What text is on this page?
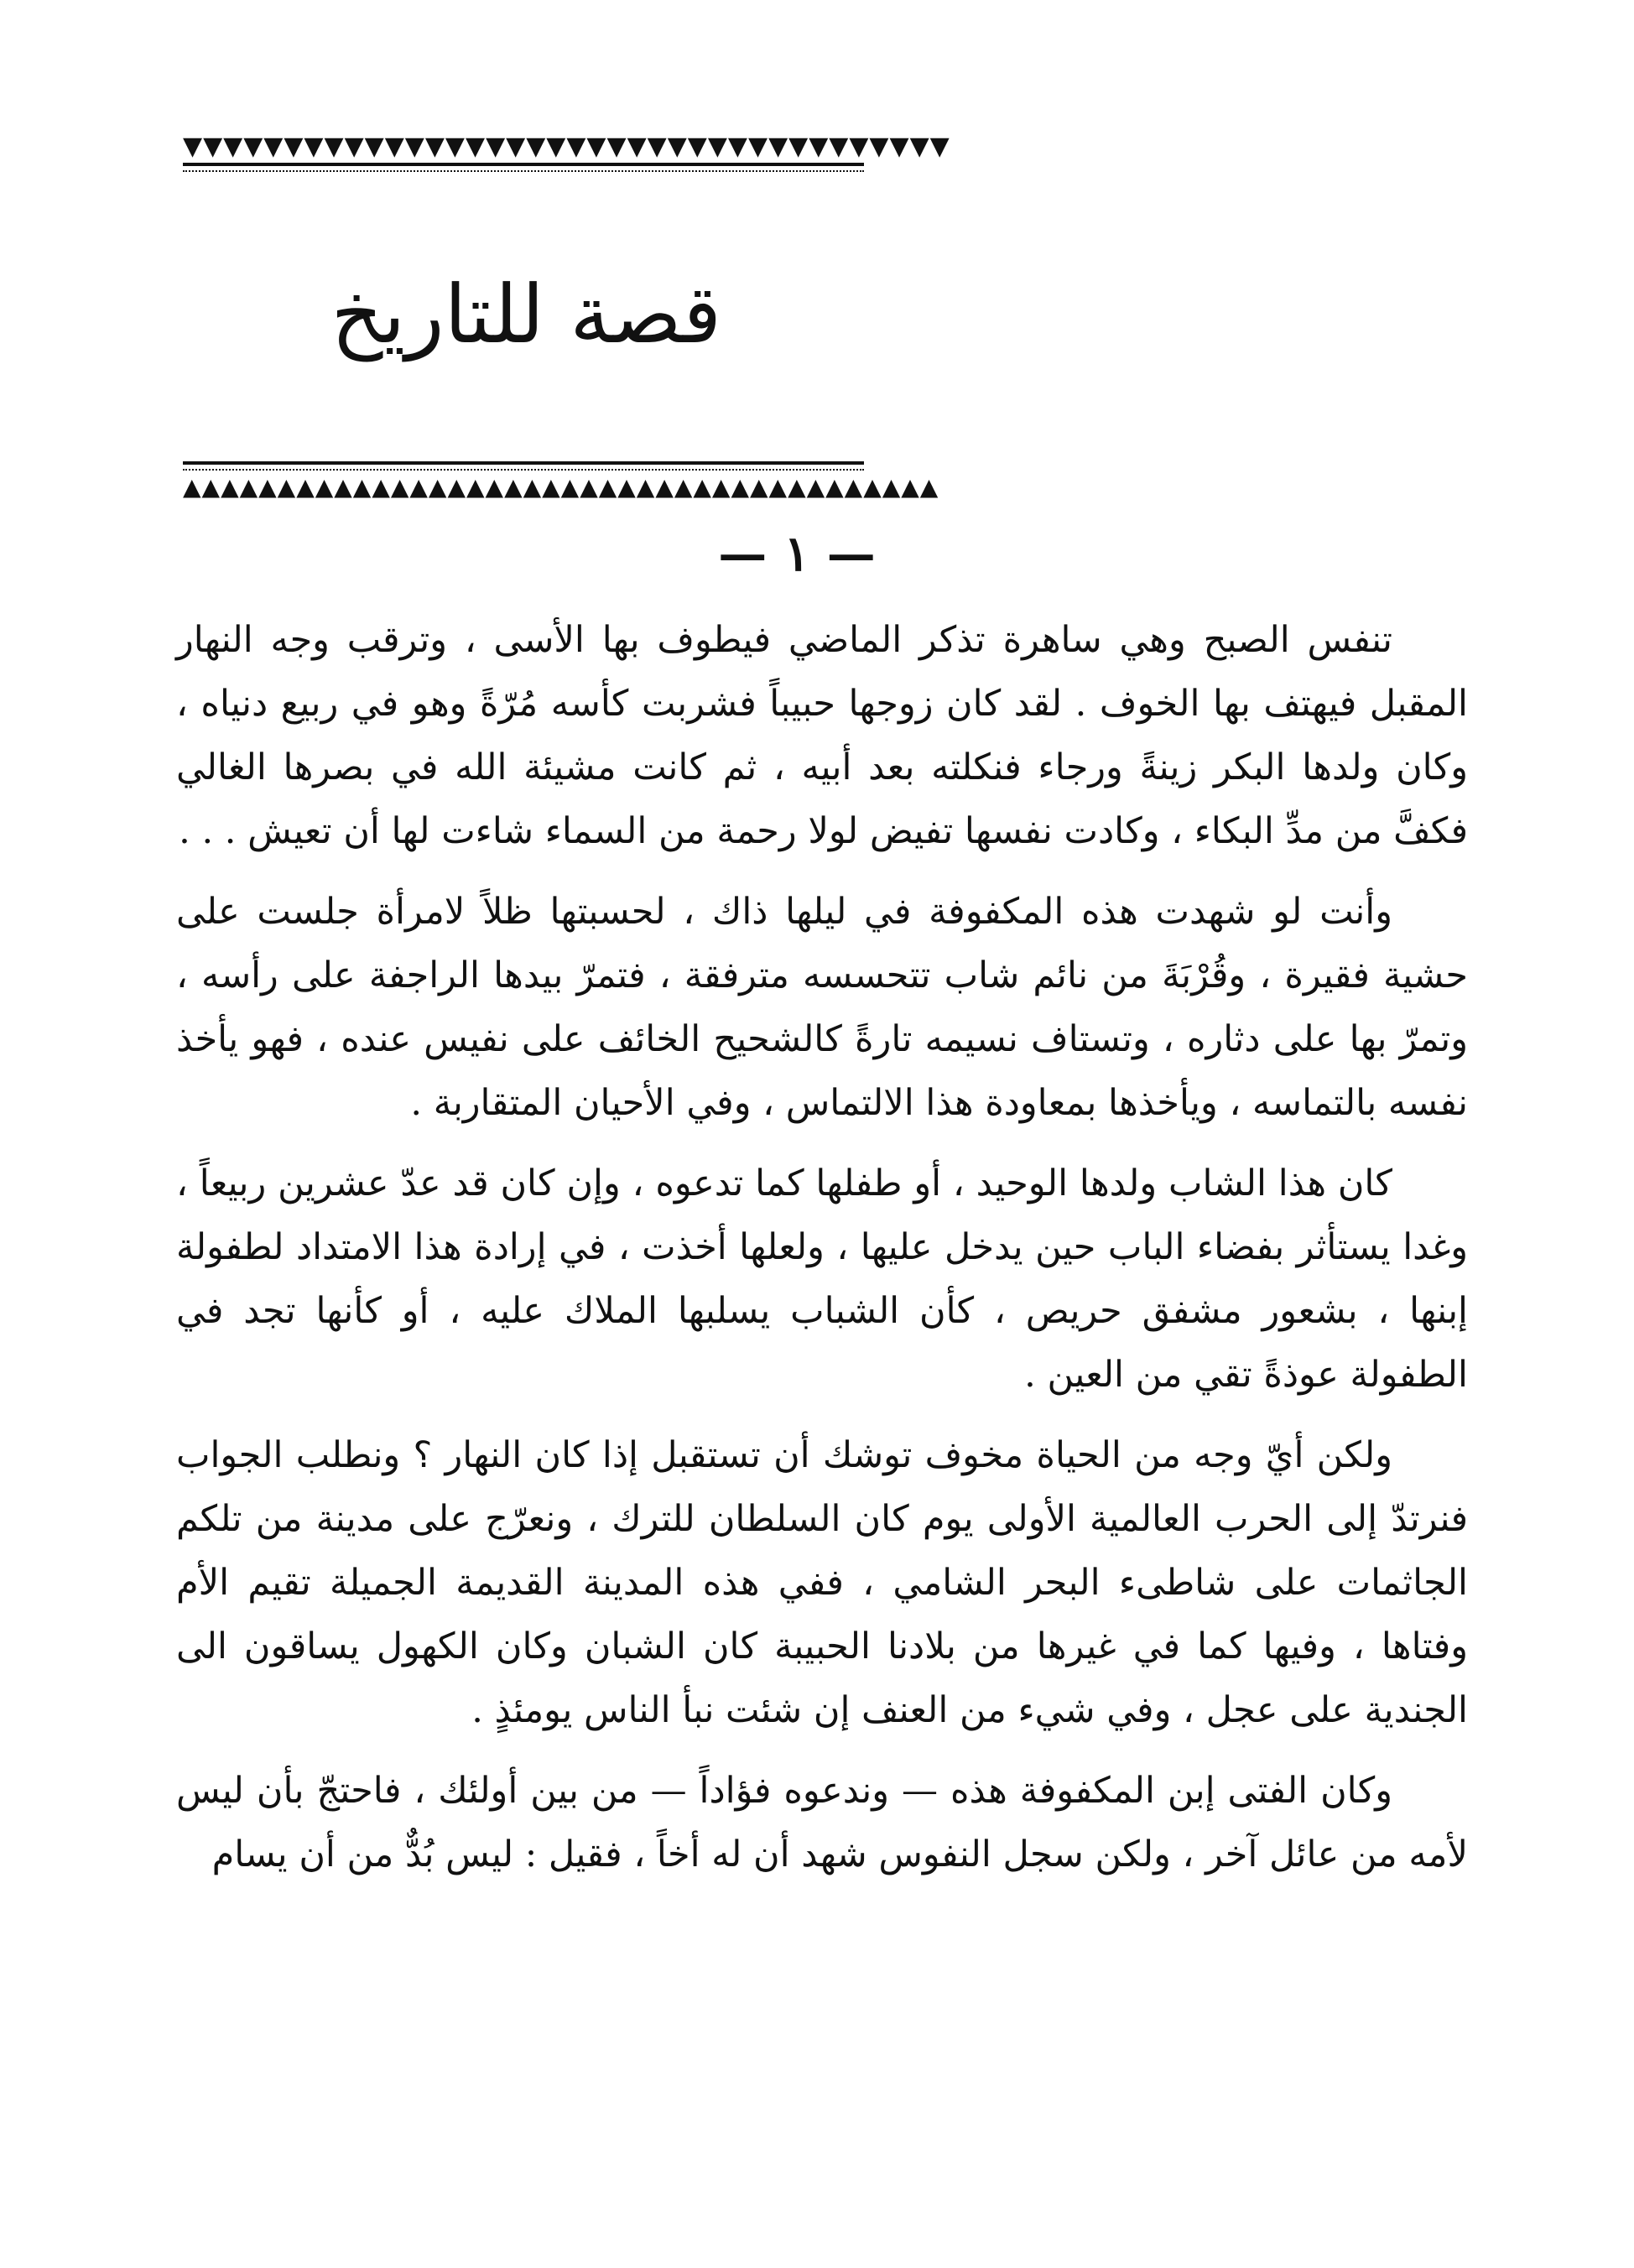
▼▼▼▼▼▼▼▼▼▼▼▼▼▼▼▼▼▼▼▼▼▼▼▼▼▼▼▼▼▼▼▼▼▼▼▼▼▼
قصة للتاريخ
▲▲▲▲▲▲▲▲▲▲▲▲▲▲▲▲▲▲▲▲▲▲▲▲▲▲▲▲▲▲▲▲▲▲▲▲▲▲▲▲
— ١ —

تنفس الصبح وهي ساهرة تذكر الماضي فيطوف بها الأسى ، وترقب وجه النهار المقبل فيهتف بها الخوف . لقد كان زوجها حبيباً فشربت كأسه مُرّةً وهو في ربيع دنياه ، وكان ولدها البكر زينةً ورجاء فنكلته بعد أبيه ، ثم كانت مشيئة الله في بصرها الغالي فكفَّ من مدِّ البكاء ، وكادت نفسها تفيض لولا رحمة من السماء شاءت لها أن تعيش . . .

وأنت لو شهدت هذه المكفوفة في ليلها ذاك ، لحسبتها ظلاً لامرأة جلست على حشية فقيرة ، وقُرْبَةَ من نائم شاب تتحسسه مترفقة ، فتمرّ بيدها الراجفة على رأسه ، وتمرّ بها على دثاره ، وتستاف نسيمه تارةً كالشحيح الخائف على نفيس عنده ، فهو يأخذ نفسه بالتماسه ، ويأخذها بمعاودة هذا الالتماس ، وفي الأحيان المتقاربة .

كان هذا الشاب ولدها الوحيد ، أو طفلها كما تدعوه ، وإن كان قد عدّ عشرين ربيعاً ، وغدا يستأثر بفضاء الباب حين يدخل عليها ، ولعلها أخذت ، في إرادة هذا الامتداد لطفولة إبنها ، بشعور مشفق حريص ، كأن الشباب يسلبها الملاك عليه ، أو كأنها تجد في الطفولة عوذةً تقي من العين .

ولكن أيّ وجه من الحياة مخوف توشك أن تستقبل إذا كان النهار ؟ ونطلب الجواب فنرتدّ إلى الحرب العالمية الأولى يوم كان السلطان للترك ، ونعرّج على مدينة من تلكم الجاثمات على شاطىء البحر الشامي ، ففي هذه المدينة القديمة الجميلة تقيم الأم وفتاها ، وفيها كما في غيرها من بلادنا الحبيبة كان الشبان وكان الكهول يساقون الى الجندية على عجل ، وفي شيء من العنف إن شئت نبأ الناس يومئذٍ .

وكان الفتى إبن المكفوفة هذه — وندعوه فؤاداً — من بين أولئك ، فاحتجّ بأن ليس لأمه من عائل آخر ، ولكن سجل النفوس شهد أن له أخاً ، فقيل : ليس بُدٌّ من أن يسام
